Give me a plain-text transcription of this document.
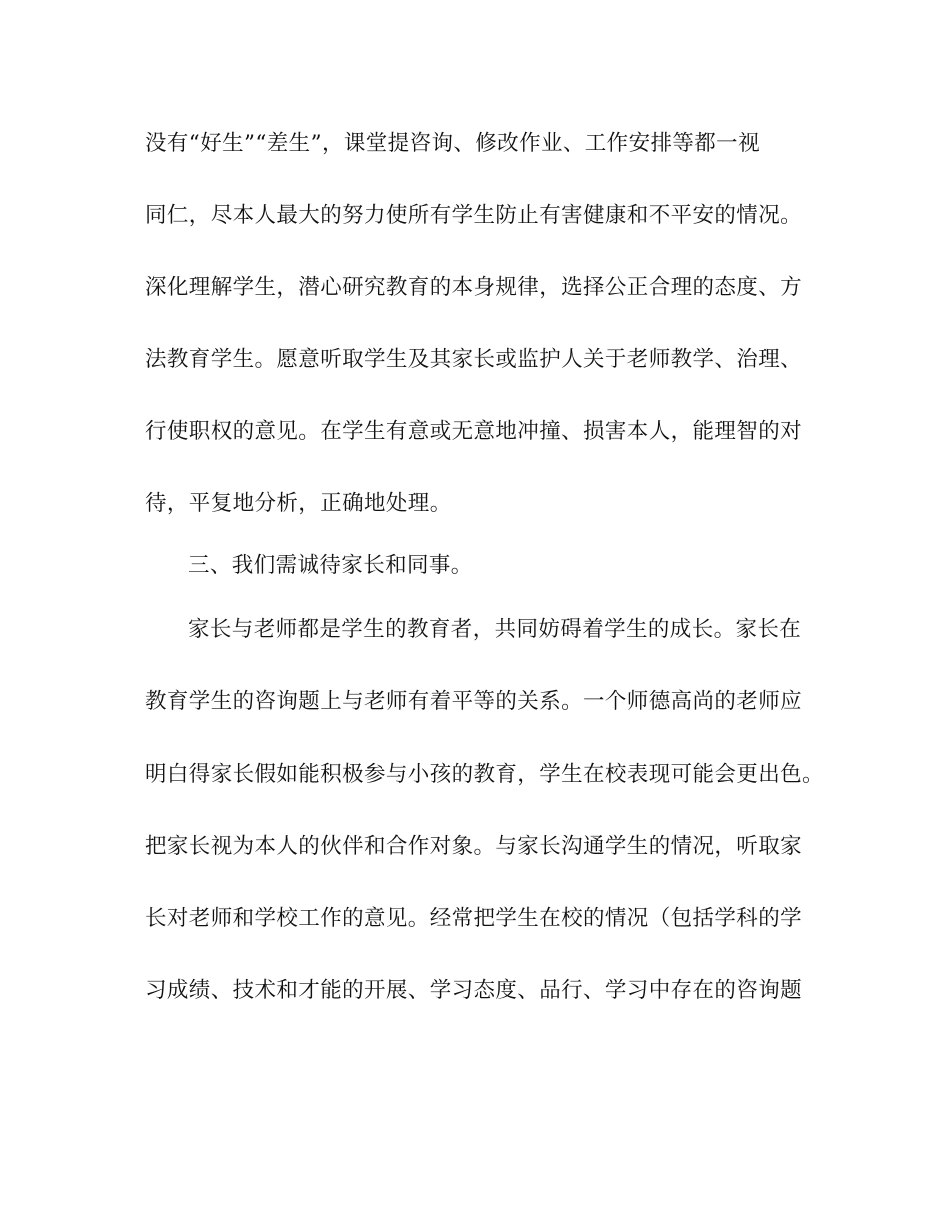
没有“好生”“差生”，课堂提咨询、修改作业、工作安排等都一视
同仁，尽本人最大的努力使所有学生防止有害健康和不平安的情况。
深化理解学生，潜心研究教育的本身规律，选择公正合理的态度、方
法教育学生。愿意听取学生及其家长或监护人关于老师教学、治理、
行使职权的意见。在学生有意或无意地冲撞、损害本人，能理智的对
待，平复地分析，正确地处理。
三、我们需诚待家长和同事。
家长与老师都是学生的教育者，共同妨碍着学生的成长。家长在
教育学生的咨询题上与老师有着平等的关系。一个师德高尚的老师应
明白得家长假如能积极参与小孩的教育，学生在校表现可能会更出色。
把家长视为本人的伙伴和合作对象。与家长沟通学生的情况，听取家
长对老师和学校工作的意见。经常把学生在校的情况（包括学科的学
习成绩、技术和才能的开展、学习态度、品行、学习中存在的咨询题
